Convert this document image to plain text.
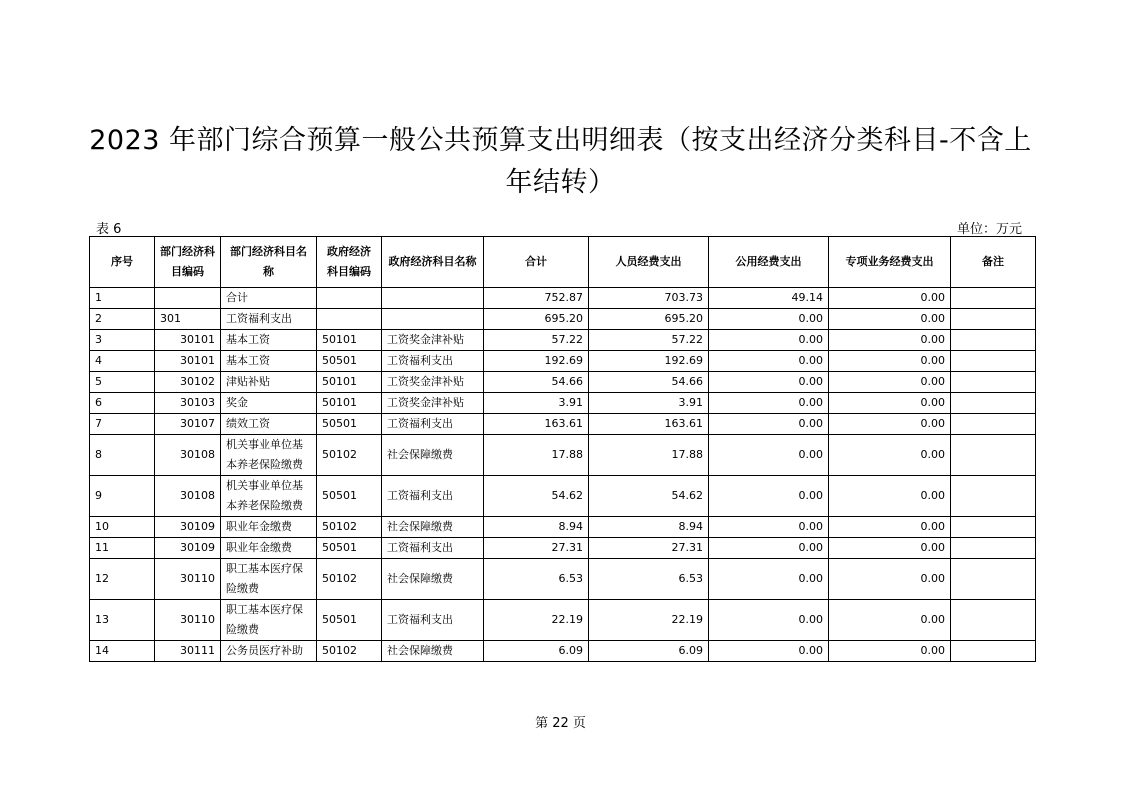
2023 年部门综合预算一般公共预算支出明细表（按支出经济分类科目-不含上年结转）
表 6	单位：万元
序号	部门经济科目编码	部门经济科目名称	政府经济科目编码	政府经济科目名称	合计	人员经费支出	公用经费支出	专项业务经费支出	备注
1		合计			752.87	703.73	49.14	0.00	
2	301	工资福利支出			695.20	695.20	0.00	0.00	
3	30101	基本工资	50101	工资奖金津补贴	57.22	57.22	0.00	0.00	
4	30101	基本工资	50501	工资福利支出	192.69	192.69	0.00	0.00	
5	30102	津贴补贴	50101	工资奖金津补贴	54.66	54.66	0.00	0.00	
6	30103	奖金	50101	工资奖金津补贴	3.91	3.91	0.00	0.00	
7	30107	绩效工资	50501	工资福利支出	163.61	163.61	0.00	0.00	
8	30108	机关事业单位基本养老保险缴费	50102	社会保障缴费	17.88	17.88	0.00	0.00	
9	30108	机关事业单位基本养老保险缴费	50501	工资福利支出	54.62	54.62	0.00	0.00	
10	30109	职业年金缴费	50102	社会保障缴费	8.94	8.94	0.00	0.00	
11	30109	职业年金缴费	50501	工资福利支出	27.31	27.31	0.00	0.00	
12	30110	职工基本医疗保险缴费	50102	社会保障缴费	6.53	6.53	0.00	0.00	
13	30110	职工基本医疗保险缴费	50501	工资福利支出	22.19	22.19	0.00	0.00	
14	30111	公务员医疗补助	50102	社会保障缴费	6.09	6.09	0.00	0.00	
第 22 页
